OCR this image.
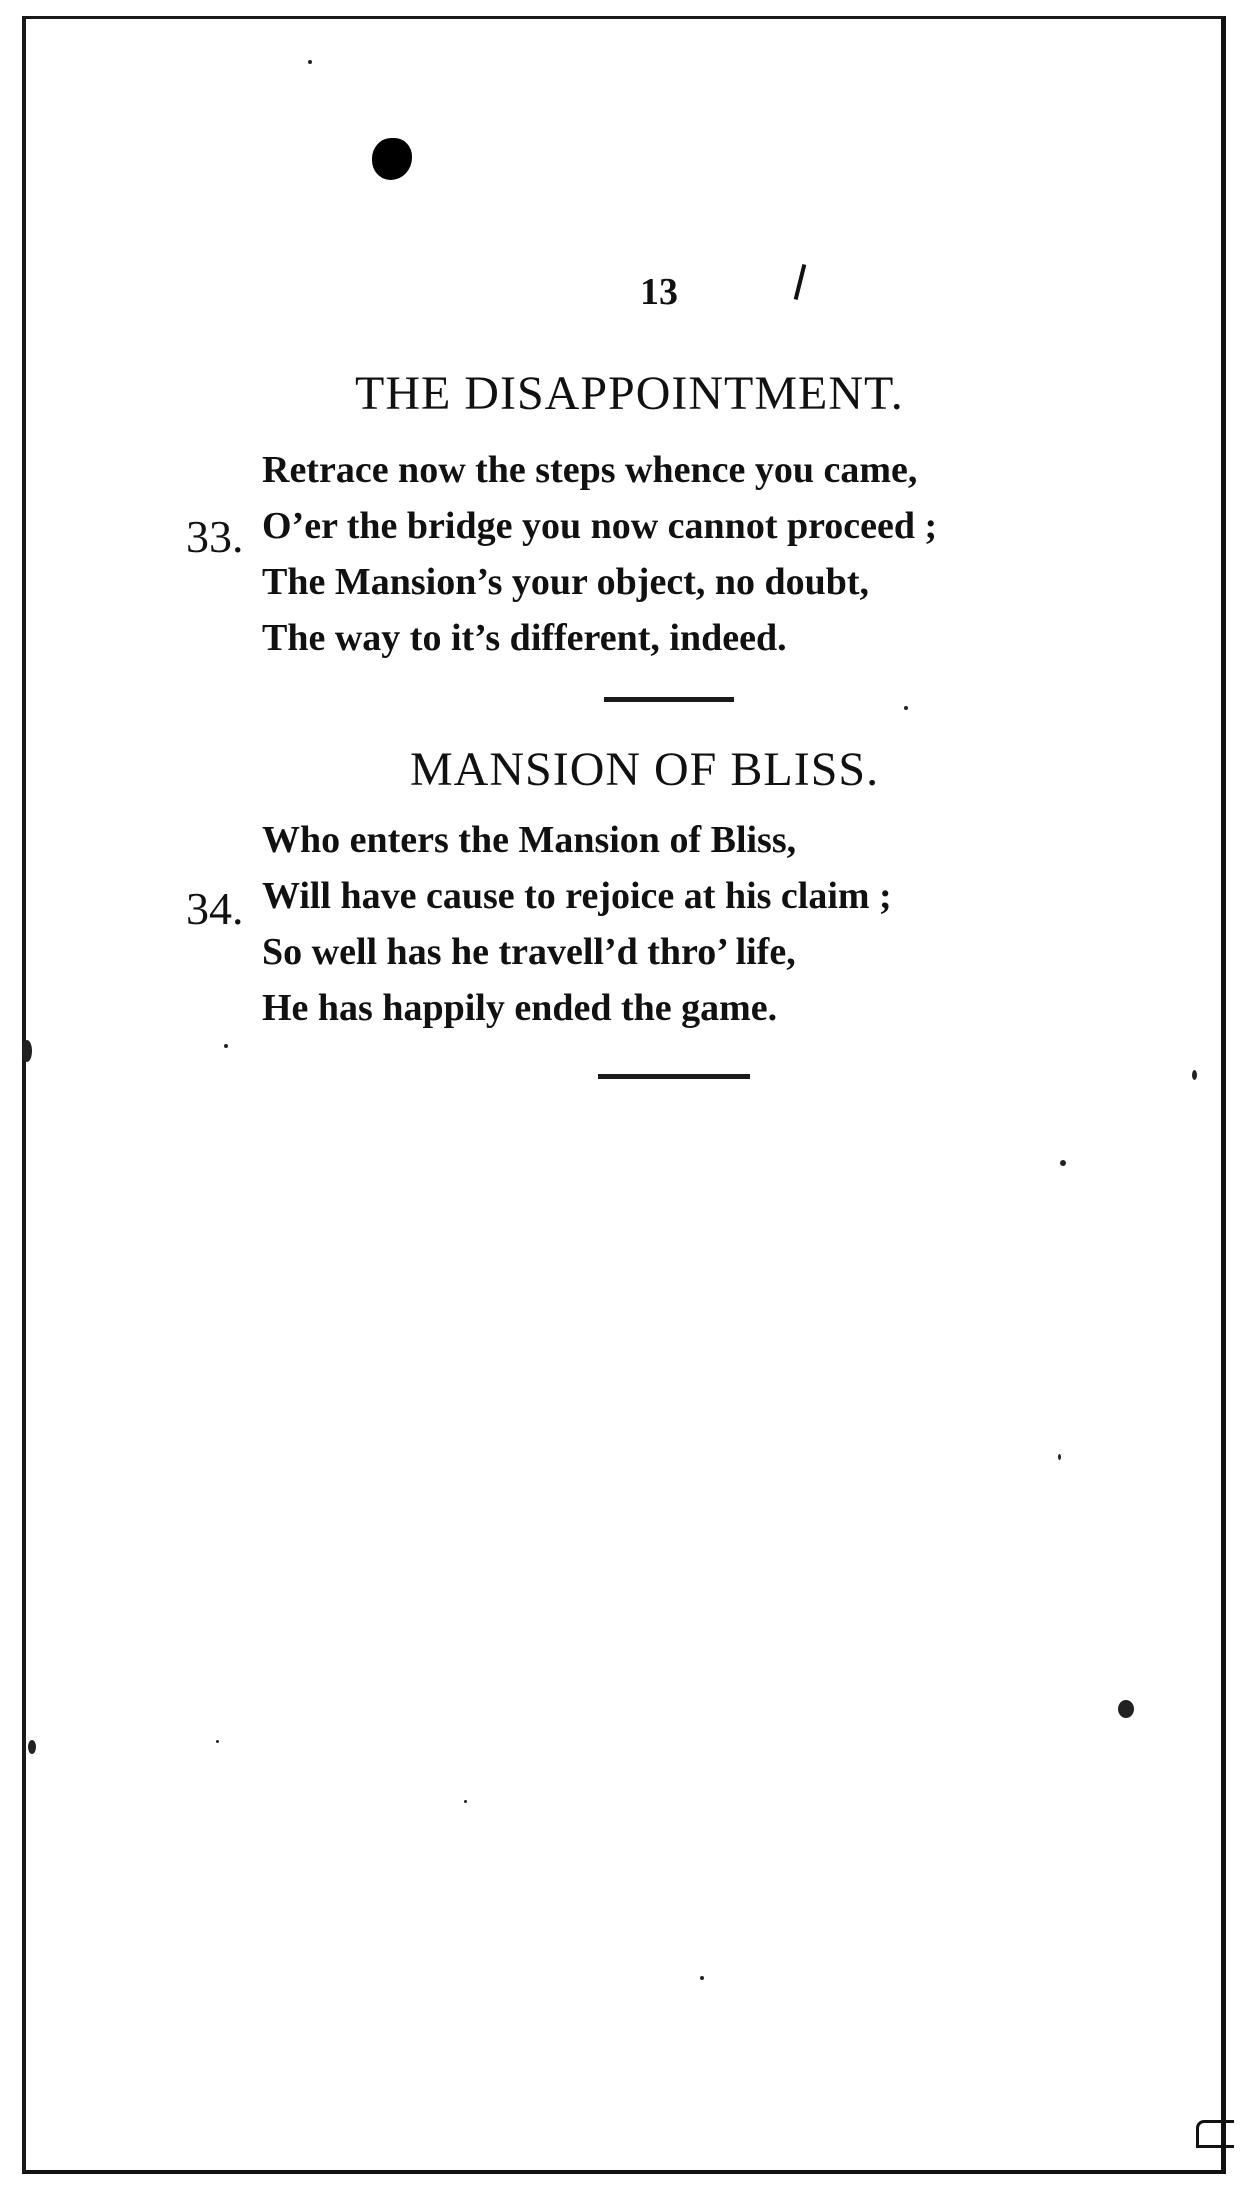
13
THE DISAPPOINTMENT.
33.
Retrace now the steps whence you came,
O’er the bridge you now cannot proceed ;
The Mansion’s your object, no doubt,
The way to it’s different, indeed.
MANSION OF BLISS.
34.
Who enters the Mansion of Bliss,
Will have cause to rejoice at his claim ;
So well has he travell’d thro’ life,
He has happily ended the game.
